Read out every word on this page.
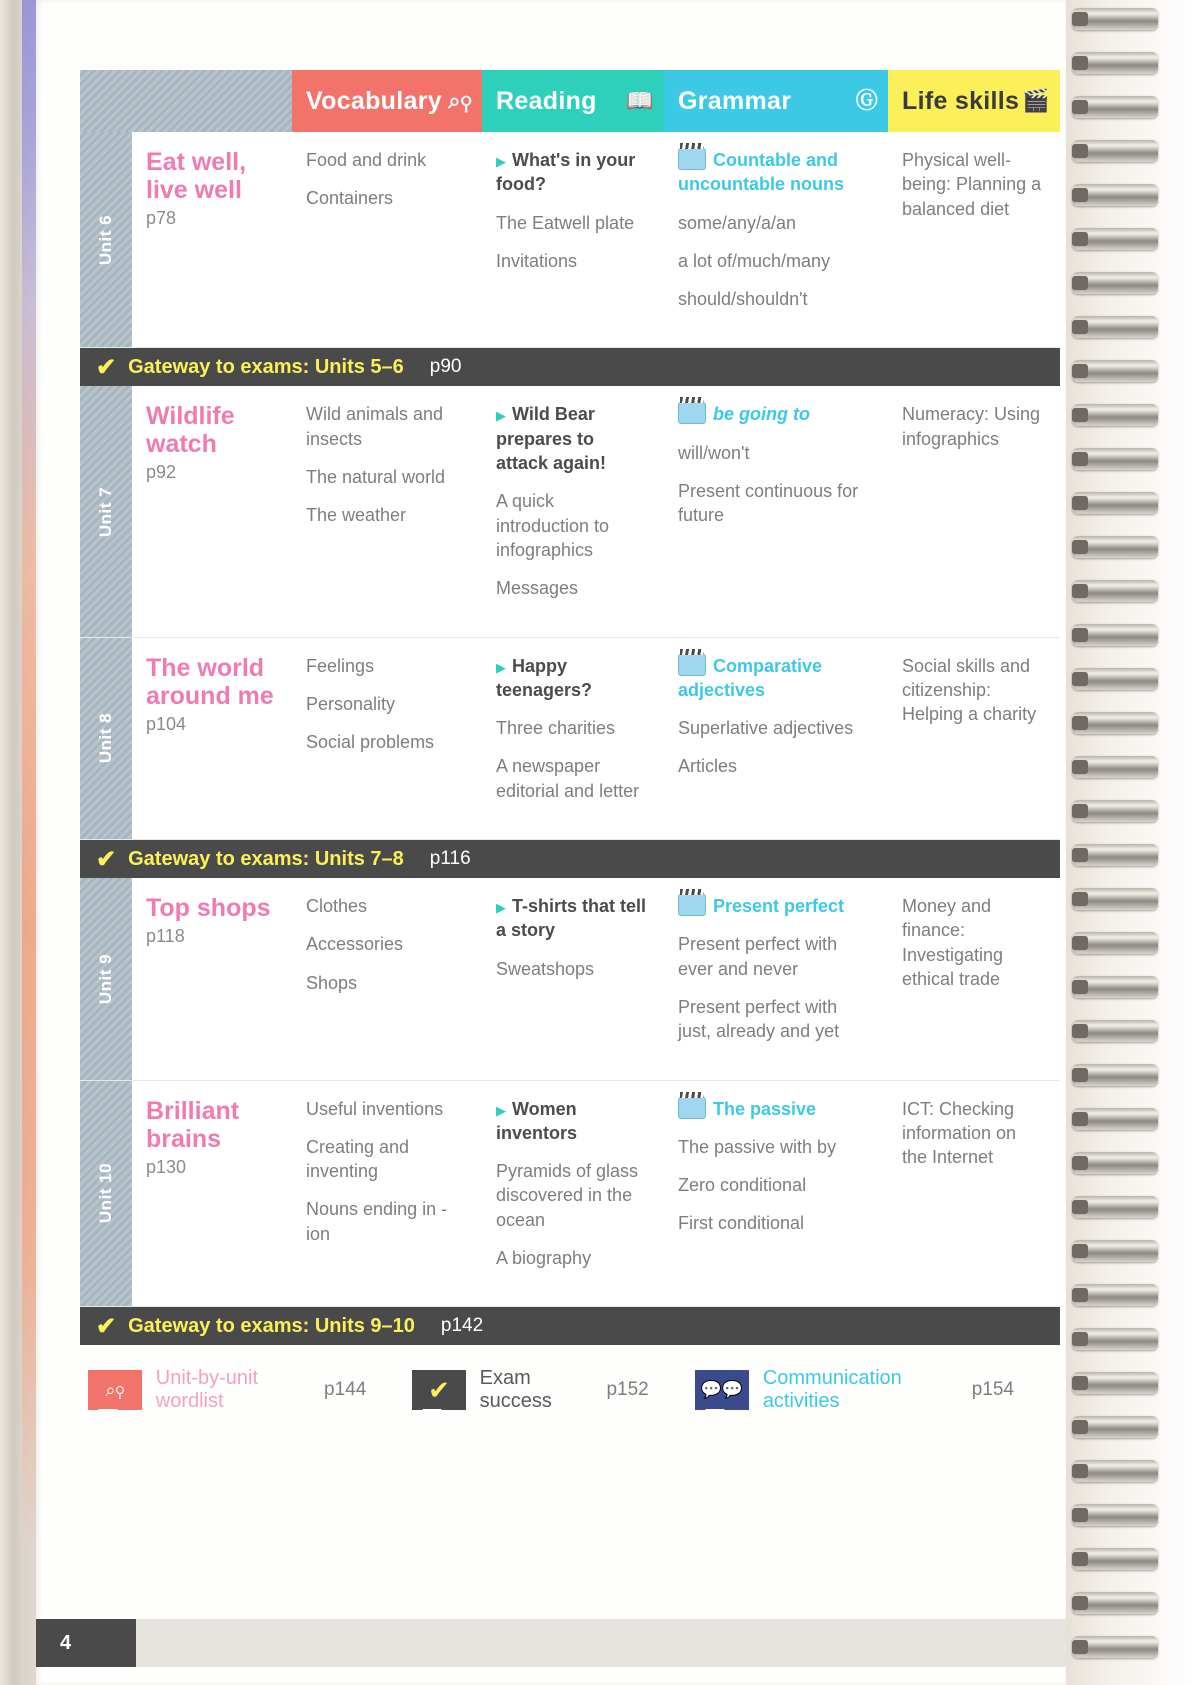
Vocabulary ⌕⚲ Reading 📖 Grammar	Ⓖ Life skills 🎬
Unit 6
Eat well, live well
p78
Food and drink
Containers
▶ What's in your food?
The Eatwell plate
Invitations
Countable and uncountable nouns
some/any/a/an
a lot of/much/many
should/shouldn't
Physical well-being: Planning a balanced diet
✔ Gateway to exams: Units 5–6 p90
Unit 7
Wildlife watch
p92
Wild animals and insects
The natural world
The weather
▶ Wild Bear prepares to attack again!
A quick introduction to infographics
Messages
be going to
will/won't
Present continuous for future
Numeracy: Using infographics
Unit 8
The world around me
p104
Feelings
Personality
Social problems
▶ Happy teenagers?
Three charities
A newspaper editorial and letter
Comparative adjectives
Superlative adjectives
Articles
Social skills and citizenship: Helping a charity
✔ Gateway to exams: Units 7–8 p116
Unit 9
Top shops
p118
Clothes
Accessories
Shops
▶ T-shirts that tell a story
Sweatshops
Present perfect
Present perfect with ever and never
Present perfect with just, already and yet
Money and finance: Investigating ethical trade
Unit 10
Brilliant brains
p130
Useful inventions
Creating and inventing
Nouns ending in -ion
▶ Women inventors
Pyramids of glass discovered in the ocean
A biography
The passive
The passive with by
Zero conditional
First conditional
ICT: Checking information on the Internet
✔ Gateway to exams: Units 9–10 p142
⌕⚲
Unit-by-unit wordlist
p144 ✔ Exam success
p152	💬💬
Communication activities
p154
4
